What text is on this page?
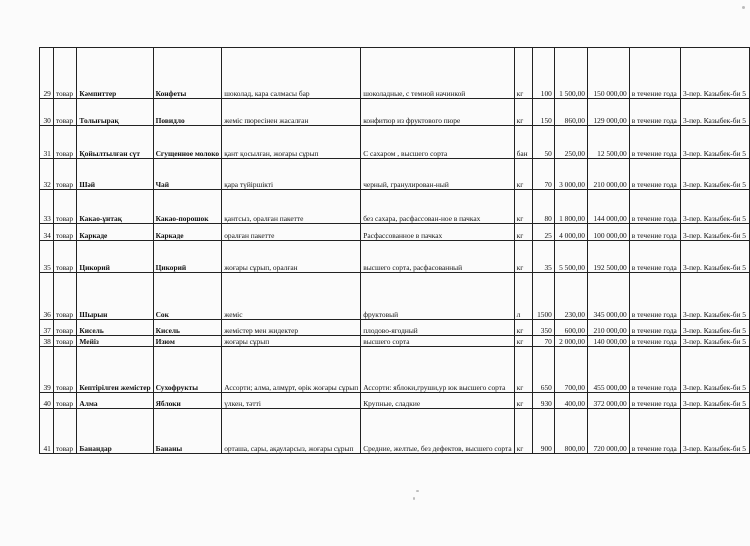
29	товар	Кәмпиттер	Конфеты	шоколад, кара салмасы бар	шоколадные, с темной начинкой	кг	100	1 500,00	150 000,00	в течение года	3-пер. Казыбек-би 5
30	товар	Толығырақ	Повидло	жеміс пюресінен жасалған	конфитюр из фруктового пюре	кг	150	860,00	129 000,00	в течение года	3-пер. Казыбек-би 5
31	товар	Қойылтылған сүт	Сгущенное молоко	қант қосылған, жоғары сұрып	С сахаром , высшего сорта	бан	50	250,00	12 500,00	в течение года	3-пер. Казыбек-би 5
32	товар	Шәй	Чай	қара түйіршікті	черный, гранулирован-ный	кг	70	3 000,00	210 000,00	в течение года	3-пер. Казыбек-би 5
33	товар	Какао-ұнтақ	Какао-порошок	қантсыз, оралған пакетте	без сахара, расфассован-ное в пачках	кг	80	1 800,00	144 000,00	в течение года	3-пер. Казыбек-би 5
34	товар	Каркаде	Каркаде	оралған пакетте	Расфассованное в пачках	кг	25	4 000,00	100 000,00	в течение года	3-пер. Казыбек-би 5
35	товар	Цикорий	Цикорий	жоғары сұрып, оралған	высшего сорта, расфасованный	кг	35	5 500,00	192 500,00	в течение года	3-пер. Казыбек-би 5
36	товар	Шырын	Сок	жеміс	фруктовый	л	1500	230,00	345 000,00	в течение года	3-пер. Казыбек-би 5
37	товар	Кисель	Кисель	жемістер мен жидектер	плодово-ягодный	кг	350	600,00	210 000,00	в течение года	3-пер. Казыбек-би 5
38	товар	Мейіз	Изюм	жоғары сұрып	высшего сорта	кг	70	2 000,00	140 000,00	в течение года	3-пер. Казыбек-би 5
39	товар	Кептірілген жемістер	Сухофрукты	Ассорти; алма, алмұрт, өрік жоғары сұрып	Ассорти: яблоки,груши,ур юк высшего сорта	кг	650	700,00	455 000,00	в течение года	3-пер. Казыбек-би 5
40	товар	Алма	Яблоки	үлкен, тәтті	Крупные, сладкие	кг	930	400,00	372 000,00	в течение года	3-пер. Казыбек-би 5
41	товар	Банандар	Бананы	орташа, сары, ақауларсыз, жоғары сұрып	Средние, желтые, без дефектов, высшего сорта	кг	900	800,00	720 000,00	в течение года	3-пер. Казыбек-би 5
